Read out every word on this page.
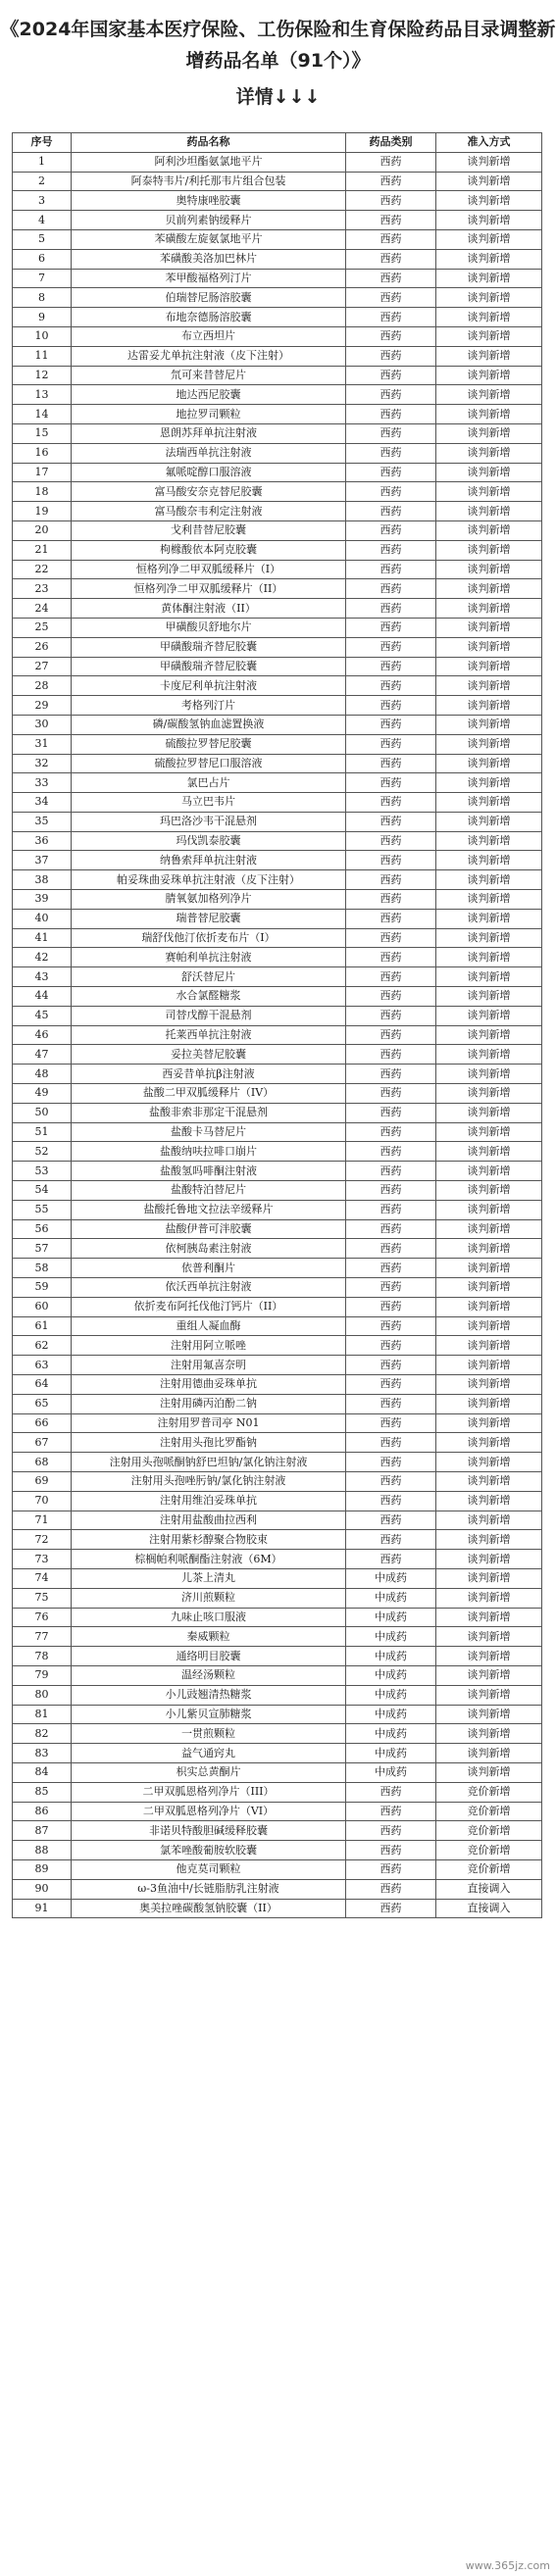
《2024年国家基本医疗保险、工伤保险和生育保险药品目录调整新
增药品名单（91个）》
详情↓↓↓
序号	药品名称	药品类别	准入方式
1	阿利沙坦酯氨氯地平片	西药	谈判新增
2	阿泰特韦片/利托那韦片组合包装	西药	谈判新增
3	奥特康唑胶囊	西药	谈判新增
4	贝前列素钠缓释片	西药	谈判新增
5	苯磺酸左旋氨氯地平片	西药	谈判新增
6	苯磺酸美洛加巴林片	西药	谈判新增
7	苯甲酸福格列汀片	西药	谈判新增
8	伯瑞替尼肠溶胶囊	西药	谈判新增
9	布地奈德肠溶胶囊	西药	谈判新增
10	布立西坦片	西药	谈判新增
11	达雷妥尤单抗注射液（皮下注射）	西药	谈判新增
12	氘可来昔替尼片	西药	谈判新增
13	地达西尼胶囊	西药	谈判新增
14	地拉罗司颗粒	西药	谈判新增
15	恩朗苏拜单抗注射液	西药	谈判新增
16	法瑞西单抗注射液	西药	谈判新增
17	氟哌啶醇口服溶液	西药	谈判新增
18	富马酸安奈克替尼胶囊	西药	谈判新增
19	富马酸奈韦利定注射液	西药	谈判新增
20	戈利昔替尼胶囊	西药	谈判新增
21	枸橼酸依本阿克胶囊	西药	谈判新增
22	恒格列净二甲双胍缓释片（I）	西药	谈判新增
23	恒格列净二甲双胍缓释片（II）	西药	谈判新增
24	黄体酮注射液（II）	西药	谈判新增
25	甲磺酸贝舒地尔片	西药	谈判新增
26	甲磺酸瑞齐替尼胶囊	西药	谈判新增
27	甲磺酸瑞齐替尼胶囊	西药	谈判新增
28	卡度尼利单抗注射液	西药	谈判新增
29	考格列汀片	西药	谈判新增
30	磷/碳酸氢钠血滤置换液	西药	谈判新增
31	硫酸拉罗替尼胶囊	西药	谈判新增
32	硫酸拉罗替尼口服溶液	西药	谈判新增
33	氯巴占片	西药	谈判新增
34	马立巴韦片	西药	谈判新增
35	玛巴洛沙韦干混悬剂	西药	谈判新增
36	玛伐凯泰胶囊	西药	谈判新增
37	纳鲁索拜单抗注射液	西药	谈判新增
38	帕妥珠曲妥珠单抗注射液（皮下注射）	西药	谈判新增
39	腈氧氨加格列净片	西药	谈判新增
40	瑞普替尼胶囊	西药	谈判新增
41	瑞舒伐他汀依折麦布片（I）	西药	谈判新增
42	赛帕利单抗注射液	西药	谈判新增
43	舒沃替尼片	西药	谈判新增
44	水合氯醛糖浆	西药	谈判新增
45	司替戊醇干混悬剂	西药	谈判新增
46	托莱西单抗注射液	西药	谈判新增
47	妥拉美替尼胶囊	西药	谈判新增
48	西妥昔单抗β注射液	西药	谈判新增
49	盐酸二甲双胍缓释片（IV）	西药	谈判新增
50	盐酸非索非那定干混悬剂	西药	谈判新增
51	盐酸卡马替尼片	西药	谈判新增
52	盐酸纳呋拉啡口崩片	西药	谈判新增
53	盐酸氢吗啡酮注射液	西药	谈判新增
54	盐酸特泊替尼片	西药	谈判新增
55	盐酸托鲁地文拉法辛缓释片	西药	谈判新增
56	盐酸伊普可泮胶囊	西药	谈判新增
57	依柯胰岛素注射液	西药	谈判新增
58	依普利酮片	西药	谈判新增
59	依沃西单抗注射液	西药	谈判新增
60	依折麦布阿托伐他汀钙片（II）	西药	谈判新增
61	重组人凝血酶	西药	谈判新增
62	注射用阿立哌唑	西药	谈判新增
63	注射用氟喜奈明	西药	谈判新增
64	注射用德曲妥珠单抗	西药	谈判新增
65	注射用磷丙泊酚二钠	西药	谈判新增
66	注射用罗普司亭 N01	西药	谈判新增
67	注射用头孢比罗酯钠	西药	谈判新增
68	注射用头孢哌酮钠舒巴坦钠/氯化钠注射液	西药	谈判新增
69	注射用头孢唑肟钠/氯化钠注射液	西药	谈判新增
70	注射用维泊妥珠单抗	西药	谈判新增
71	注射用盐酸曲拉西利	西药	谈判新增
72	注射用紫杉醇聚合物胶束	西药	谈判新增
73	棕榈帕利哌酮酯注射液（6M）	西药	谈判新增
74	儿茶上清丸	中成药	谈判新增
75	济川煎颗粒	中成药	谈判新增
76	九味止咳口服液	中成药	谈判新增
77	秦威颗粒	中成药	谈判新增
78	通络明目胶囊	中成药	谈判新增
79	温经汤颗粒	中成药	谈判新增
80	小儿豉翘清热糖浆	中成药	谈判新增
81	小儿紫贝宣肺糖浆	中成药	谈判新增
82	一贯煎颗粒	中成药	谈判新增
83	益气通窍丸	中成药	谈判新增
84	枳实总黄酮片	中成药	谈判新增
85	二甲双胍恩格列净片（III）	西药	竞价新增
86	二甲双胍恩格列净片（VI）	西药	竞价新增
87	非诺贝特酸胆碱缓释胶囊	西药	竞价新增
88	氯苯唑酸葡胺软胶囊	西药	竞价新增
89	他克莫司颗粒	西药	竞价新增
90	ω-3鱼油中/长链脂肪乳注射液	西药	直接调入
91	奥美拉唑碳酸氢钠胶囊（II）	西药	直接调入
www.365jz.com
